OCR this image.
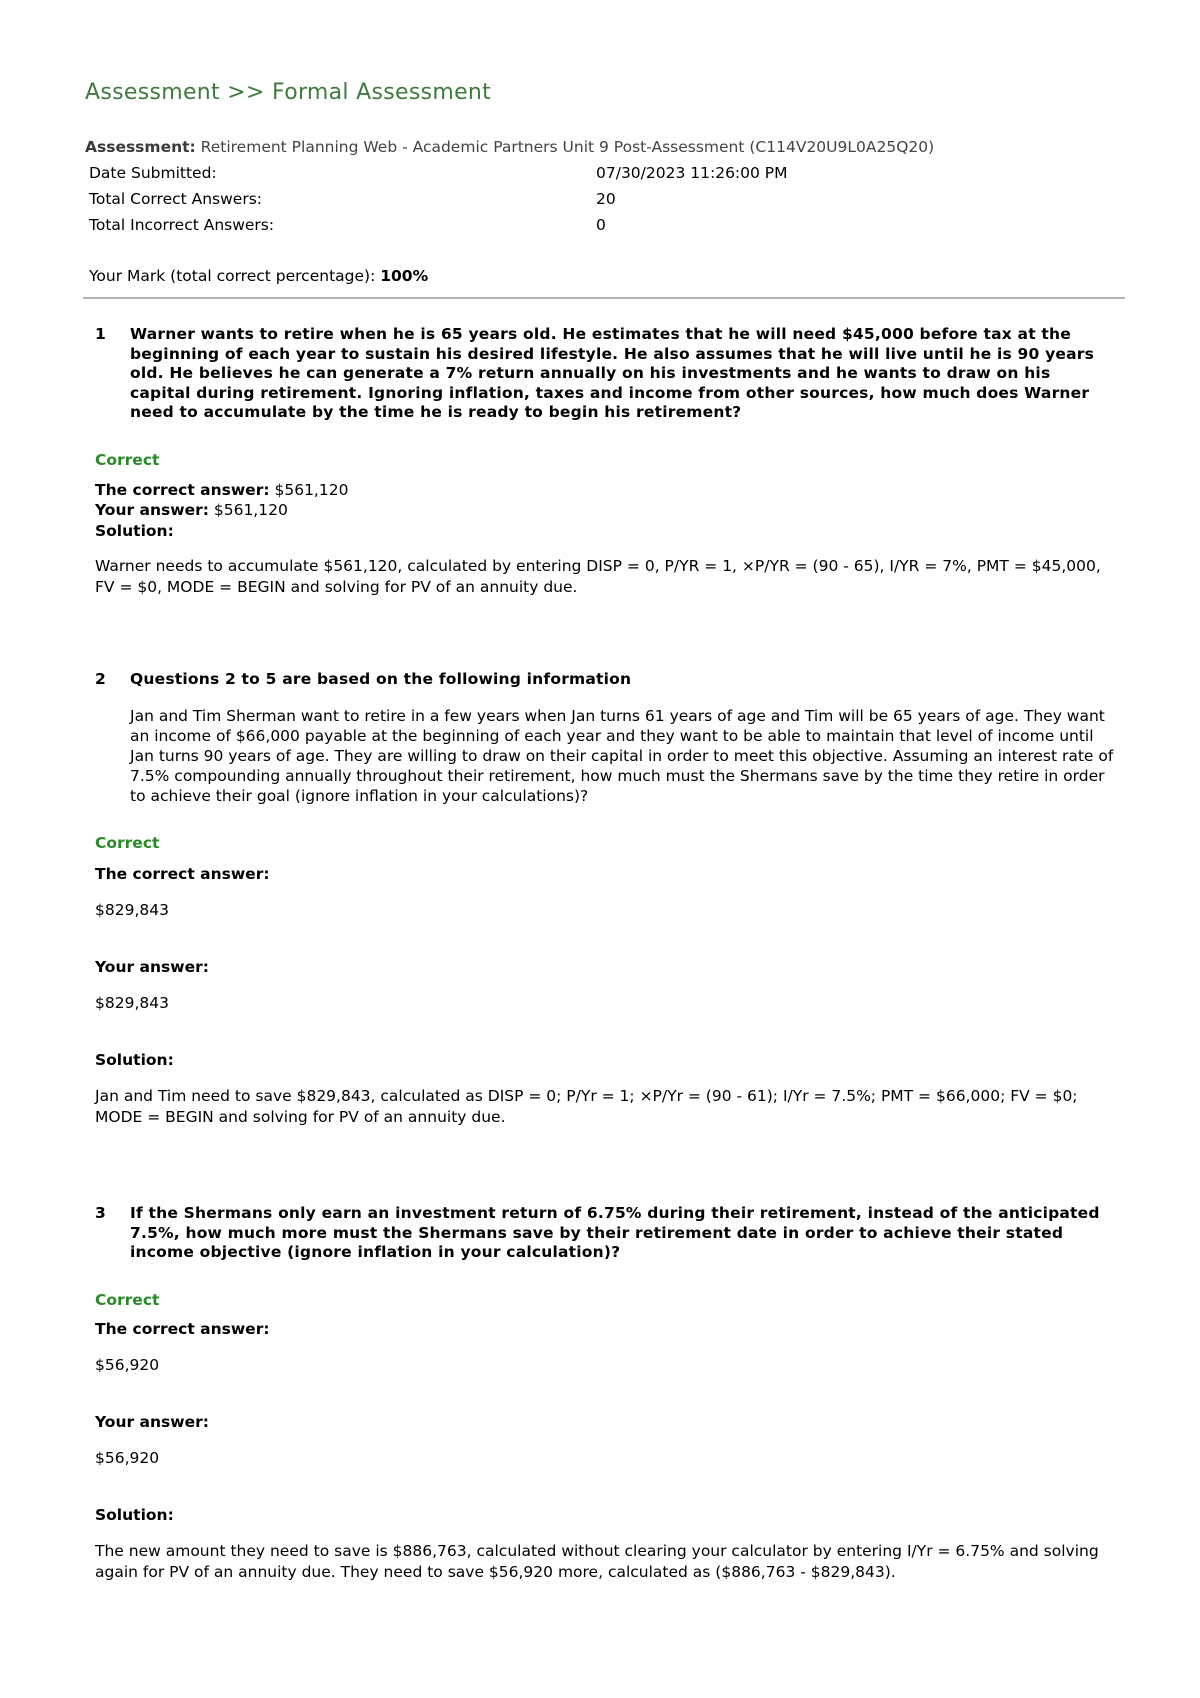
Assessment >> Formal Assessment
Assessment: Retirement Planning Web - Academic Partners Unit 9 Post-Assessment (C114V20U9L0A25Q20)
Date Submitted:	07/30/2023 11:26:00 PM
Total Correct Answers:	20
Total Incorrect Answers:	0
Your Mark (total correct percentage): 100%
1 Warner wants to retire when he is 65 years old. He estimates that he will need $45,000 before tax at the beginning of each year to sustain his desired lifestyle. He also assumes that he will live until he is 90 years old. He believes he can generate a 7% return annually on his investments and he wants to draw on his capital during retirement. Ignoring inflation, taxes and income from other sources, how much does Warner need to accumulate by the time he is ready to begin his retirement?
Correct
The correct answer: $561,120
Your answer: $561,120
Solution:
Warner needs to accumulate $561,120, calculated by entering DISP = 0, P/YR = 1, ×P/YR = (90 - 65), I/YR = 7%, PMT = $45,000, FV = $0, MODE = BEGIN and solving for PV of an annuity due.
2 Questions 2 to 5 are based on the following information
Jan and Tim Sherman want to retire in a few years when Jan turns 61 years of age and Tim will be 65 years of age. They want an income of $66,000 payable at the beginning of each year and they want to be able to maintain that level of income until Jan turns 90 years of age. They are willing to draw on their capital in order to meet this objective. Assuming an interest rate of 7.5% compounding annually throughout their retirement, how much must the Shermans save by the time they retire in order to achieve their goal (ignore inflation in your calculations)?
Correct
The correct answer:
$829,843
Your answer:
$829,843
Solution:
Jan and Tim need to save $829,843, calculated as DISP = 0; P/Yr = 1; ×P/Yr = (90 - 61); I/Yr = 7.5%; PMT = $66,000; FV = $0; MODE = BEGIN and solving for PV of an annuity due.
3 If the Shermans only earn an investment return of 6.75% during their retirement, instead of the anticipated 7.5%, how much more must the Shermans save by their retirement date in order to achieve their stated income objective (ignore inflation in your calculation)?
Correct
The correct answer:
$56,920
Your answer:
$56,920
Solution:
The new amount they need to save is $886,763, calculated without clearing your calculator by entering I/Yr = 6.75% and solving again for PV of an annuity due. They need to save $56,920 more, calculated as ($886,763 - $829,843).
